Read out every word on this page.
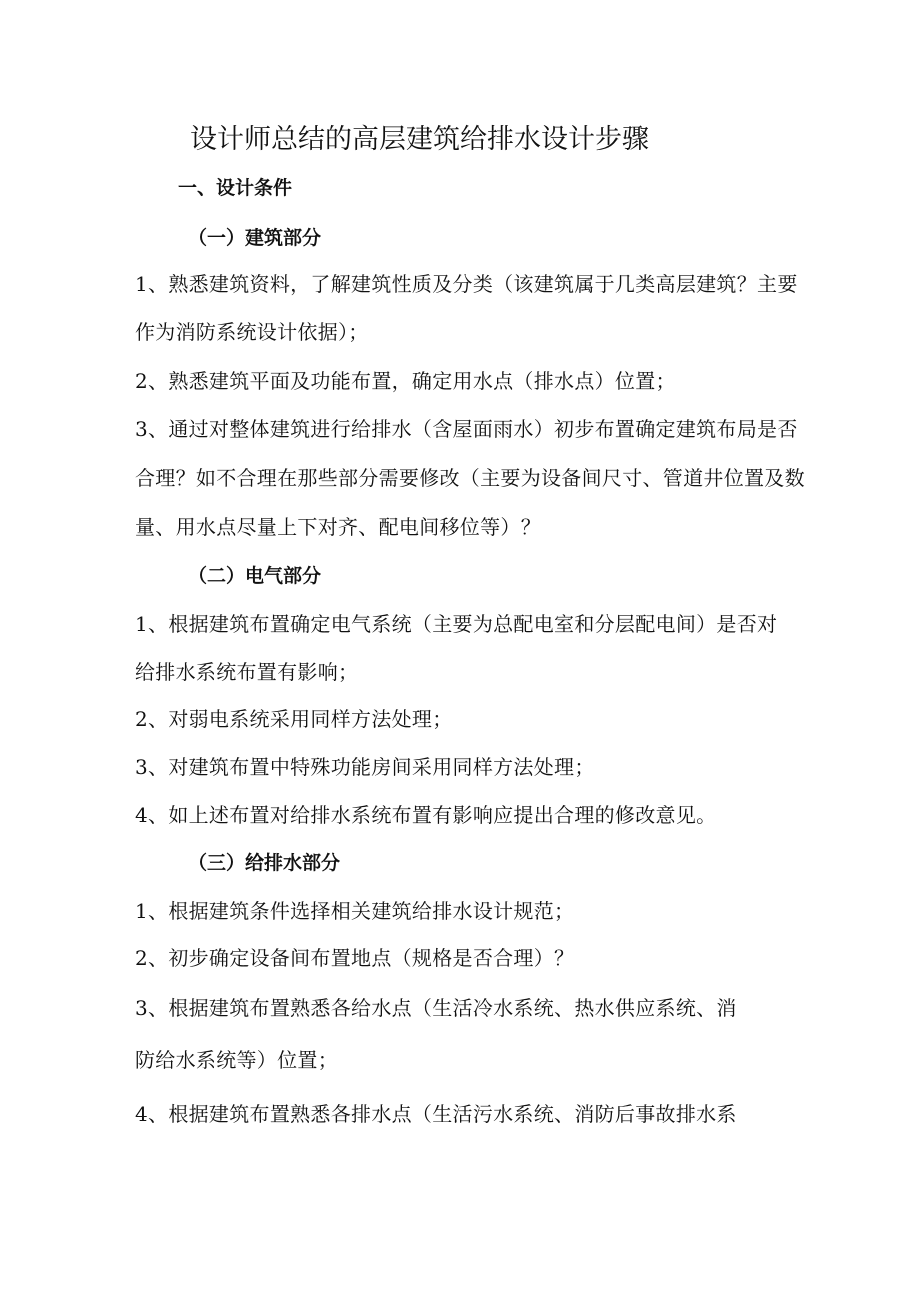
设计师总结的高层建筑给排水设计步骤
一、设计条件
（一）建筑部分

1、熟悉建筑资料，了解建筑性质及分类（该建筑属于几类高层建筑？主要

作为消防系统设计依据）；

2、熟悉建筑平面及功能布置，确定用水点（排水点）位置；

3、通过对整体建筑进行给排水（含屋面雨水）初步布置确定建筑布局是否

合理？如不合理在那些部分需要修改（主要为设备间尺寸、管道井位置及数

量、用水点尽量上下对齐、配电间移位等）？

（二）电气部分

1、根据建筑布置确定电气系统（主要为总配电室和分层配电间）是否对

给排水系统布置有影响；

2、对弱电系统采用同样方法处理；

3、对建筑布置中特殊功能房间采用同样方法处理；

4、如上述布置对给排水系统布置有影响应提出合理的修改意见。

（三）给排水部分

1、根据建筑条件选择相关建筑给排水设计规范；

2、初步确定设备间布置地点（规格是否合理）？

3、根据建筑布置熟悉各给水点（生活冷水系统、热水供应系统、消

防给水系统等）位置；

4、根据建筑布置熟悉各排水点（生活污水系统、消防后事故排水系
